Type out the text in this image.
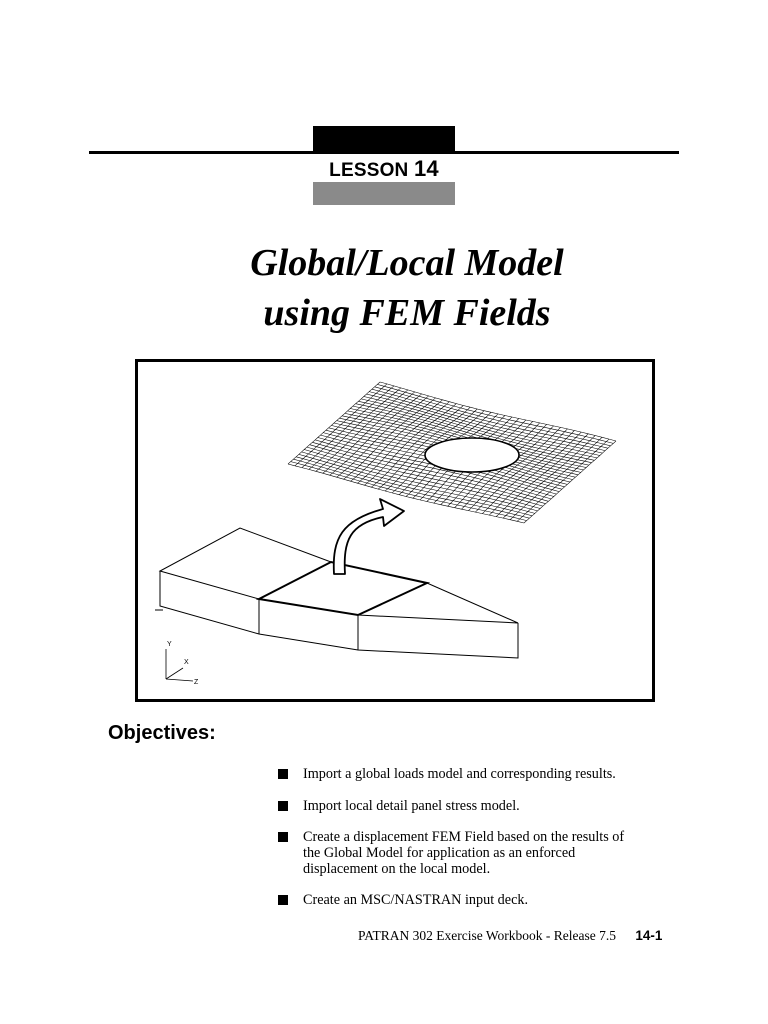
LESSON 14
Global/Local Model
using FEM Fields
Y
X
Z
Objectives:
Import a global loads model and corresponding results.
Import local detail panel stress model.
Create a displacement FEM Field based on the results of
the Global Model for application as an enforced
displacement on the local model.
Create an MSC/NASTRAN input deck.
PATRAN 302 Exercise Workbook - Release 7.5 14-1
